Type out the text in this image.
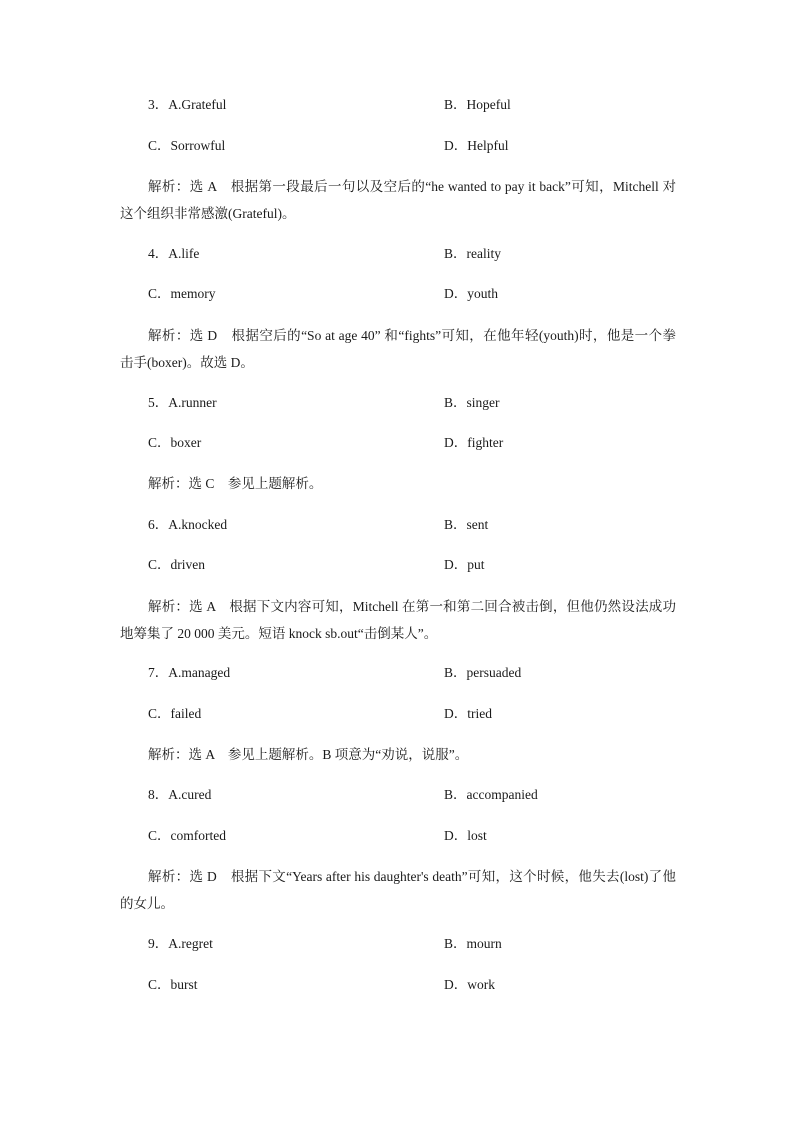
3．A.Grateful	B．Hopeful
C．Sorrowful	D．Helpful

解析：选 A　根据第一段最后一句以及空后的“he wanted to pay it back”可知，Mitchell 对这个组织非常感激(Grateful)。

4．A.life	B．reality
C．memory	D．youth

解析：选 D　根据空后的“So at age 40” 和“fights”可知，在他年轻(youth)时，他是一个拳击手(boxer)。故选 D。

5．A.runner	B．singer
C．boxer	D．fighter

解析：选 C　参见上题解析。

6．A.knocked	B．sent
C．driven	D．put

解析：选 A　根据下文内容可知，Mitchell 在第一和第二回合被击倒，但他仍然设法成功地筹集了 20 000 美元。短语 knock sb.out“击倒某人”。

7．A.managed	B．persuaded
C．failed	D．tried

解析：选 A　参见上题解析。B 项意为“劝说，说服”。

8．A.cured	B．accompanied
C．comforted	D．lost

解析：选 D　根据下文“Years after his daughter's death”可知，这个时候，他失去(lost)了他的女儿。

9．A.regret	B．mourn
C．burst	D．work
